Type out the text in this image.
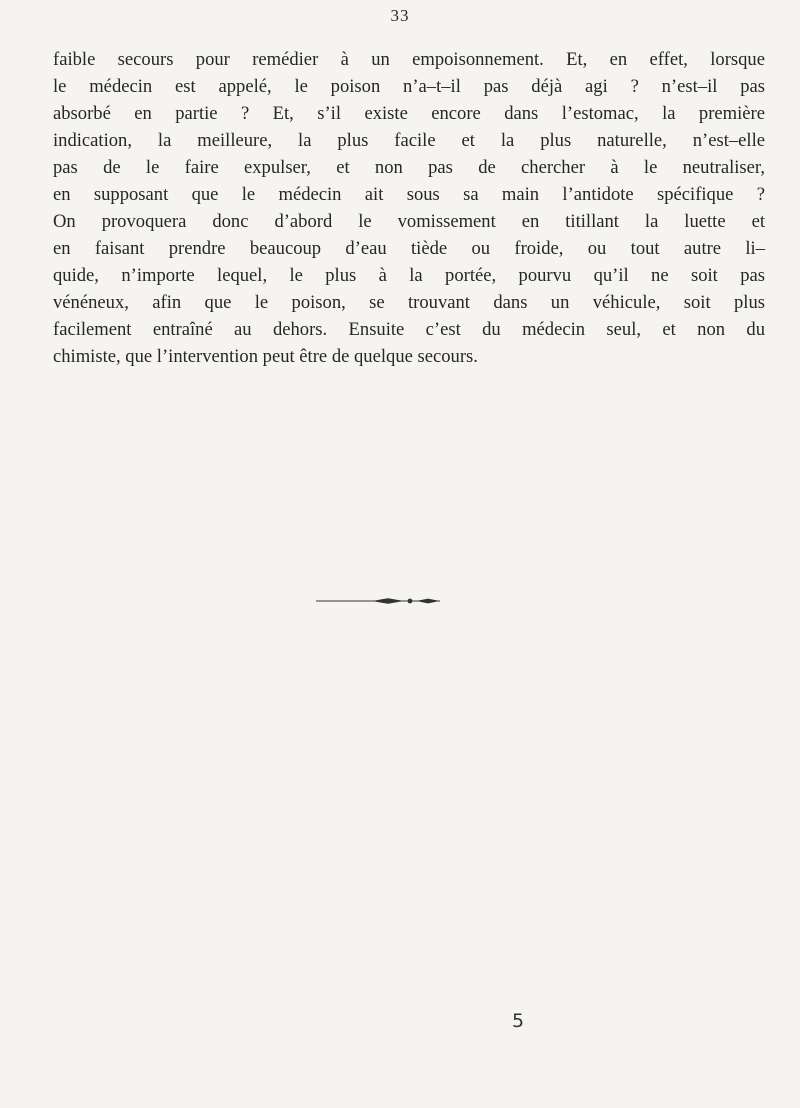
33
faible secours pour remédier à un empoisonnement. Et, en effet, lorsque
le médecin est appelé, le poison n’a–t–il pas déjà agi ? n’est–il pas
absorbé en partie ? Et, s’il existe encore dans l’estomac, la première
indication, la meilleure, la plus facile et la plus naturelle, n’est–elle
pas de le faire expulser, et non pas de chercher à le neutraliser,
en supposant que le médecin ait sous sa main l’antidote spécifique ?
On provoquera donc d’abord le vomissement en titillant la luette et
en faisant prendre beaucoup d’eau tiède ou froide, ou tout autre li–
quide, n’importe lequel, le plus à la portée, pourvu qu’il ne soit pas
vénéneux, afin que le poison, se trouvant dans un véhicule, soit plus
facilement entraîné au dehors. Ensuite c’est du médecin seul, et non du
chimiste, que l’intervention peut être de quelque secours.
5
